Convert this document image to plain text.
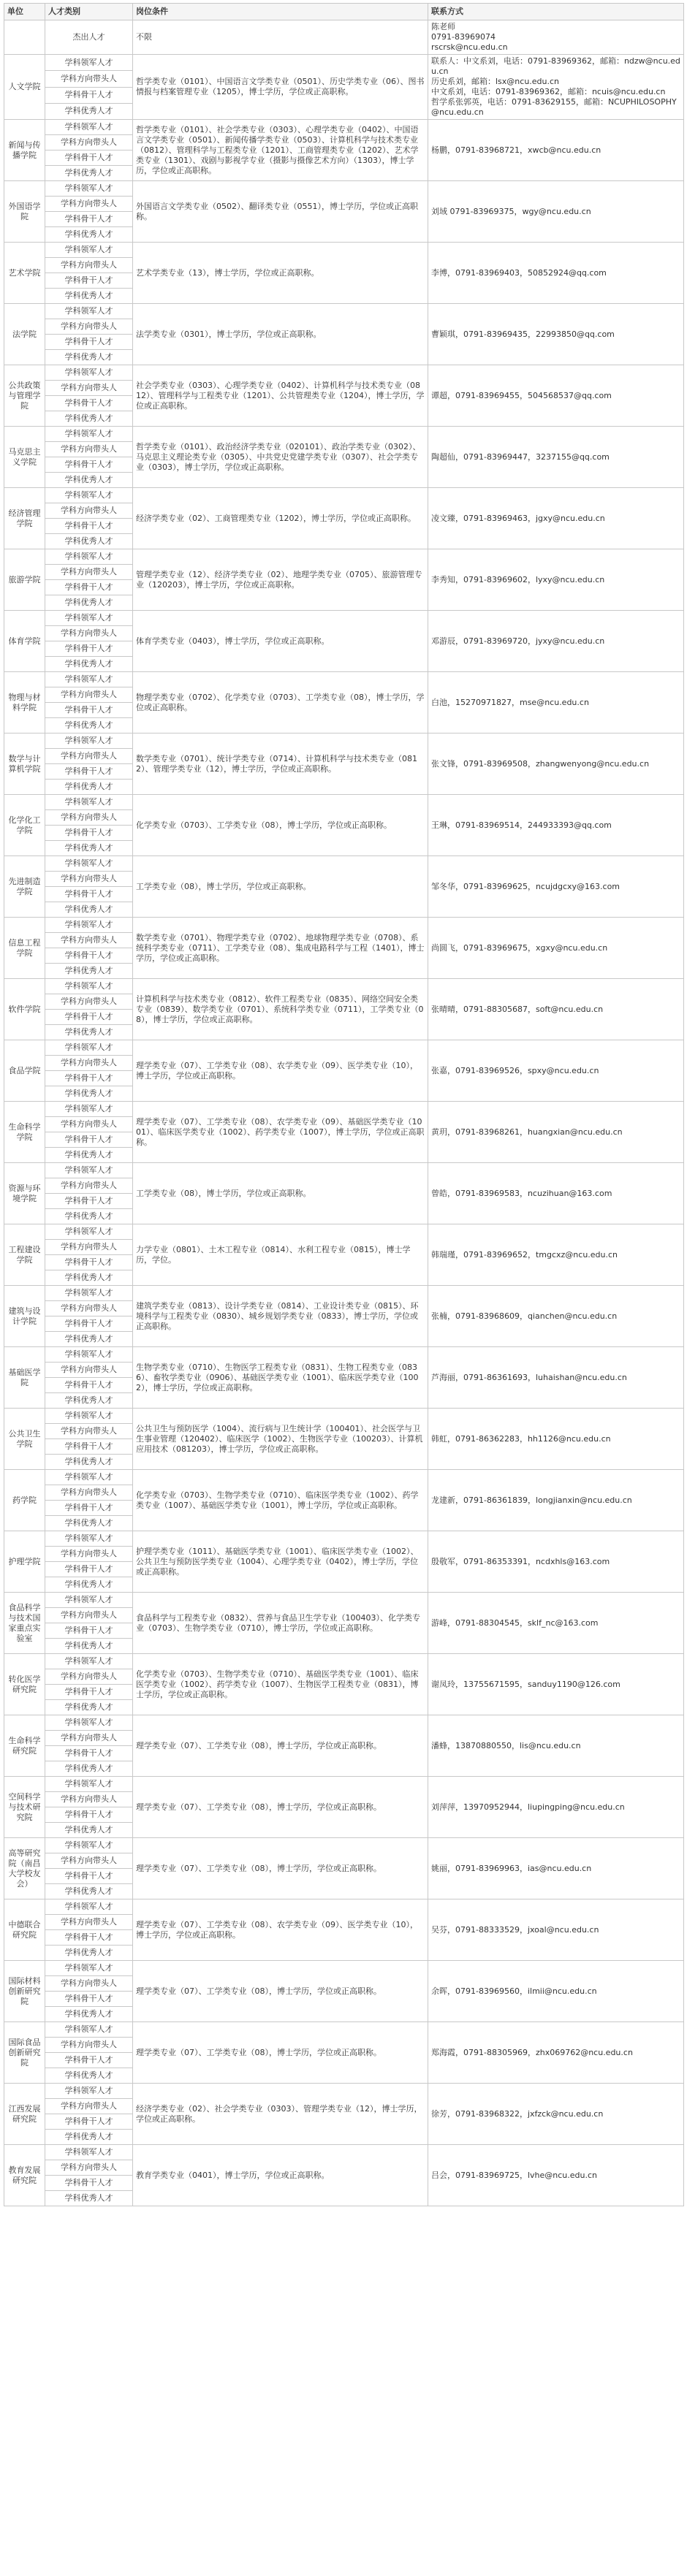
单位	人才类别	岗位条件	联系方式
	杰出人才	不限	陈老师
0791-83969074
rscrsk@ncu.edu.cn
人文学院	学科领军人才	哲学类专业（0101）、中国语言文学类专业（0501）、历史学类专业（06）、图书情报与档案管理专业（1205），博士学历，学位或正高职称。	联系人：中文系刘，电话：0791-83969362，邮箱：ndzw@ncu.edu.cn
历史系刘，邮箱：lsx@ncu.edu.cn
中文系刘，电话：0791-83969362，邮箱：ncuis@ncu.edu.cn
哲学系张郭英，电话：0791-83629155，邮箱：NCUPHILOSOPHY@ncu.edu.cn
	学科方向带头人		
	学科骨干人才		
	学科优秀人才		
新闻与传播学院	学科领军人才	哲学类专业（0101）、社会学类专业（0303）、心理学类专业（0402）、中国语言文学类专业（0501）、新闻传播学类专业（0503）、计算机科学与技术类专业（0812）、管理科学与工程类专业（1201）、工商管理类专业（1202）、艺术学类专业（1301）、戏剧与影视学专业（摄影与摄像艺术方向）（1303），博士学历，学位或正高职称。	杨鹏，0791-83968721，xwcb@ncu.edu.cn
	学科方向带头人		
	学科骨干人才		
	学科优秀人才		
外国语学院	学科领军人才	外国语言文学类专业（0502）、翻译类专业（0551），博士学历，学位或正高职称。	刘域 0791-83969375，wgy@ncu.edu.cn
	学科方向带头人		
	学科骨干人才		
	学科优秀人才		
艺术学院	学科领军人才	艺术学类专业（13），博士学历，学位或正高职称。	李博，0791-83969403，50852924@qq.com
	学科方向带头人		
	学科骨干人才		
	学科优秀人才		
法学院	学科领军人才	法学类专业（0301），博士学历，学位或正高职称。	曹颖琪，0791-83969435，22993850@qq.com
	学科方向带头人		
	学科骨干人才		
	学科优秀人才		
公共政策与管理学院	学科领军人才	社会学类专业（0303）、心理学类专业（0402）、计算机科学与技术类专业（0812）、管理科学与工程类专业（1201）、公共管理类专业（1204），博士学历，学位或正高职称。	谭超，0791-83969455，504568537@qq.com
	学科方向带头人		
	学科骨干人才		
	学科优秀人才		
马克思主义学院	学科领军人才	哲学类专业（0101）、政治经济学类专业（020101）、政治学类专业（0302）、马克思主义理论类专业（0305）、中共党史党建学类专业（0307）、社会学类专业（0303），博士学历，学位或正高职称。	陶超仙，0791-83969447，3237155@qq.com
	学科方向带头人		
	学科骨干人才		
	学科优秀人才		
经济管理学院	学科领军人才	经济学类专业（02）、工商管理类专业（1202），博士学历，学位或正高职称。	凌文臻，0791-83969463，jgxy@ncu.edu.cn
	学科方向带头人		
	学科骨干人才		
	学科优秀人才		
旅游学院	学科领军人才	管理学类专业（12）、经济学类专业（02）、地理学类专业（0705）、旅游管理专业（120203），博士学历，学位或正高职称。	李秀知，0791-83969602，lyxy@ncu.edu.cn
	学科方向带头人		
	学科骨干人才		
	学科优秀人才		
体育学院	学科领军人才	体育学类专业（0403），博士学历，学位或正高职称。	邓游辰，0791-83969720，jyxy@ncu.edu.cn
	学科方向带头人		
	学科骨干人才		
	学科优秀人才		
物理与材料学院	学科领军人才	物理学类专业（0702）、化学类专业（0703）、工学类专业（08），博士学历，学位或正高职称。	白池，15270971827，mse@ncu.edu.cn
	学科方向带头人		
	学科骨干人才		
	学科优秀人才		
数学与计算机学院	学科领军人才	数学类专业（0701）、统计学类专业（0714）、计算机科学与技术类专业（0812）、管理学类专业（12），博士学历，学位或正高职称。	张文锋，0791-83969508，zhangwenyong@ncu.edu.cn
	学科方向带头人		
	学科骨干人才		
	学科优秀人才		
化学化工学院	学科领军人才	化学类专业（0703）、工学类专业（08），博士学历，学位或正高职称。	王琳，0791-83969514，244933393@qq.com
	学科方向带头人		
	学科骨干人才		
	学科优秀人才		
先进制造学院	学科领军人才	工学类专业（08），博士学历，学位或正高职称。	邹冬华，0791-83969625，ncujdgcxy@163.com
	学科方向带头人		
	学科骨干人才		
	学科优秀人才		
信息工程学院	学科领军人才	数学类专业（0701）、物理学类专业（0702）、地球物理学类专业（0708）、系统科学类专业（0711）、工学类专业（08）、集成电路科学与工程（1401），博士学历，学位或正高职称。	尚圆飞，0791-83969675，xgxy@ncu.edu.cn
	学科方向带头人		
	学科骨干人才		
	学科优秀人才		
软件学院	学科领军人才	计算机科学与技术类专业（0812）、软件工程类专业（0835）、网络空间安全类专业（0839）、数学类专业（0701）、系统科学类专业（0711），工学类专业（08），博士学历，学位或正高职称。	张晴晴，0791-88305687，soft@ncu.edu.cn
	学科方向带头人		
	学科骨干人才		
	学科优秀人才		
食品学院	学科领军人才	理学类专业（07）、工学类专业（08）、农学类专业（09）、医学类专业（10），博士学历，学位或正高职称。	张嘉，0791-83969526，spxy@ncu.edu.cn
	学科方向带头人		
	学科骨干人才		
	学科优秀人才		
生命科学学院	学科领军人才	理学类专业（07）、工学类专业（08）、农学类专业（09）、基础医学类专业（1001）、临床医学类专业（1002）、药学类专业（1007），博士学历，学位或正高职称。	黄玥，0791-83968261，huangxian@ncu.edu.cn
	学科方向带头人		
	学科骨干人才		
	学科优秀人才		
资源与环境学院	学科领军人才	工学类专业（08），博士学历，学位或正高职称。	曾皓，0791-83969583，ncuzihuan@163.com
	学科方向带头人		
	学科骨干人才		
	学科优秀人才		
工程建设学院	学科领军人才	力学专业（0801）、土木工程专业（0814）、水利工程专业（0815），博士学历，学位。	韩瑞瑾，0791-83969652，tmgcxz@ncu.edu.cn
	学科方向带头人		
	学科骨干人才		
	学科优秀人才		
建筑与设计学院	学科领军人才	建筑学类专业（0813）、设计学类专业（0814）、工业设计类专业（0815）、环境科学与工程类专业（0830）、城乡规划学类专业（0833），博士学历，学位或正高职称。	张楠，0791-83968609，qianchen@ncu.edu.cn
	学科方向带头人		
	学科骨干人才		
	学科优秀人才		
基础医学院	学科领军人才	生物学类专业（0710）、生物医学工程类专业（0831）、生物工程类专业（0836）、畜牧学类专业（0906）、基础医学类专业（1001）、临床医学类专业（1002），博士学历，学位或正高职称。	芦海丽，0791-86361693，luhaishan@ncu.edu.cn
	学科方向带头人		
	学科骨干人才		
	学科优秀人才		
公共卫生学院	学科领军人才	公共卫生与预防医学（1004）、流行病与卫生统计学（100401）、社会医学与卫生事业管理（120402）、临床医学（1002）、生物医学专业（100203）、计算机应用技术（081203），博士学历，学位或正高职称。	韩虹，0791-86362283，hh1126@ncu.edu.cn
	学科方向带头人		
	学科骨干人才		
	学科优秀人才		
药学院	学科领军人才	化学类专业（0703）、生物学类专业（0710）、临床医学类专业（1002）、药学类专业（1007）、基础医学类专业（1001），博士学历，学位或正高职称。	龙建新，0791-86361839，longjianxin@ncu.edu.cn
	学科方向带头人		
	学科骨干人才		
	学科优秀人才		
护理学院	学科领军人才	护理学类专业（1011）、基础医学类专业（1001）、临床医学类专业（1002）、公共卫生与预防医学类专业（1004）、心理学类专业（0402），博士学历，学位或正高职称。	殷敬军，0791-86353391，ncdxhls@163.com
	学科方向带头人		
	学科骨干人才		
	学科优秀人才		
食品科学与技术国家重点实验室	学科领军人才	食品科学与工程类专业（0832）、营养与食品卫生学专业（100403）、化学类专业（0703）、生物学类专业（0710），博士学历，学位或正高职称。	游峰，0791-88304545，sklf_nc@163.com
	学科方向带头人		
	学科骨干人才		
	学科优秀人才		
转化医学研究院	学科领军人才	化学类专业（0703）、生物学类专业（0710）、基础医学类专业（1001）、临床医学类专业（1002）、药学类专业（1007）、生物医学工程类专业（0831），博士学历，学位或正高职称。	谢凤玲，13755671595，sanduy1190@126.com
	学科方向带头人		
	学科骨干人才		
	学科优秀人才		
生命科学研究院	学科领军人才	理学类专业（07）、工学类专业（08），博士学历，学位或正高职称。	潘蜂，13870880550，lis@ncu.edu.cn
	学科方向带头人		
	学科骨干人才		
	学科优秀人才		
空间科学与技术研究院	学科领军人才	理学类专业（07）、工学类专业（08），博士学历，学位或正高职称。	刘萍萍，13970952944，liupingping@ncu.edu.cn
	学科方向带头人		
	学科骨干人才		
	学科优秀人才		
高等研究院（南昌大学校友会）	学科领军人才	理学类专业（07）、工学类专业（08），博士学历，学位或正高职称。	姚丽，0791-83969963，ias@ncu.edu.cn
	学科方向带头人		
	学科骨干人才		
	学科优秀人才		
中德联合研究院	学科领军人才	理学类专业（07）、工学类专业（08）、农学类专业（09）、医学类专业（10），博士学历，学位或正高职称。	吴芬，0791-88333529，jxoal@ncu.edu.cn
	学科方向带头人		
	学科骨干人才		
	学科优秀人才		
国际材料创新研究院	学科领军人才	理学类专业（07）、工学类专业（08），博士学历，学位或正高职称。	余晖，0791-83969560，ilmii@ncu.edu.cn
	学科方向带头人		
	学科骨干人才		
	学科优秀人才		
国际食品创新研究院	学科领军人才	理学类专业（07）、工学类专业（08），博士学历，学位或正高职称。	郑海霞，0791-88305969，zhx069762@ncu.edu.cn
	学科方向带头人		
	学科骨干人才		
	学科优秀人才		
江西发展研究院	学科领军人才	经济学类专业（02）、社会学类专业（0303）、管理学类专业（12），博士学历，学位或正高职称。	徐芳，0791-83968322，jxfzck@ncu.edu.cn
	学科方向带头人		
	学科骨干人才		
	学科优秀人才		
教育发展研究院	学科领军人才	教育学类专业（0401），博士学历，学位或正高职称。	吕会，0791-83969725，lvhe@ncu.edu.cn
	学科方向带头人		
	学科骨干人才		
	学科优秀人才		
